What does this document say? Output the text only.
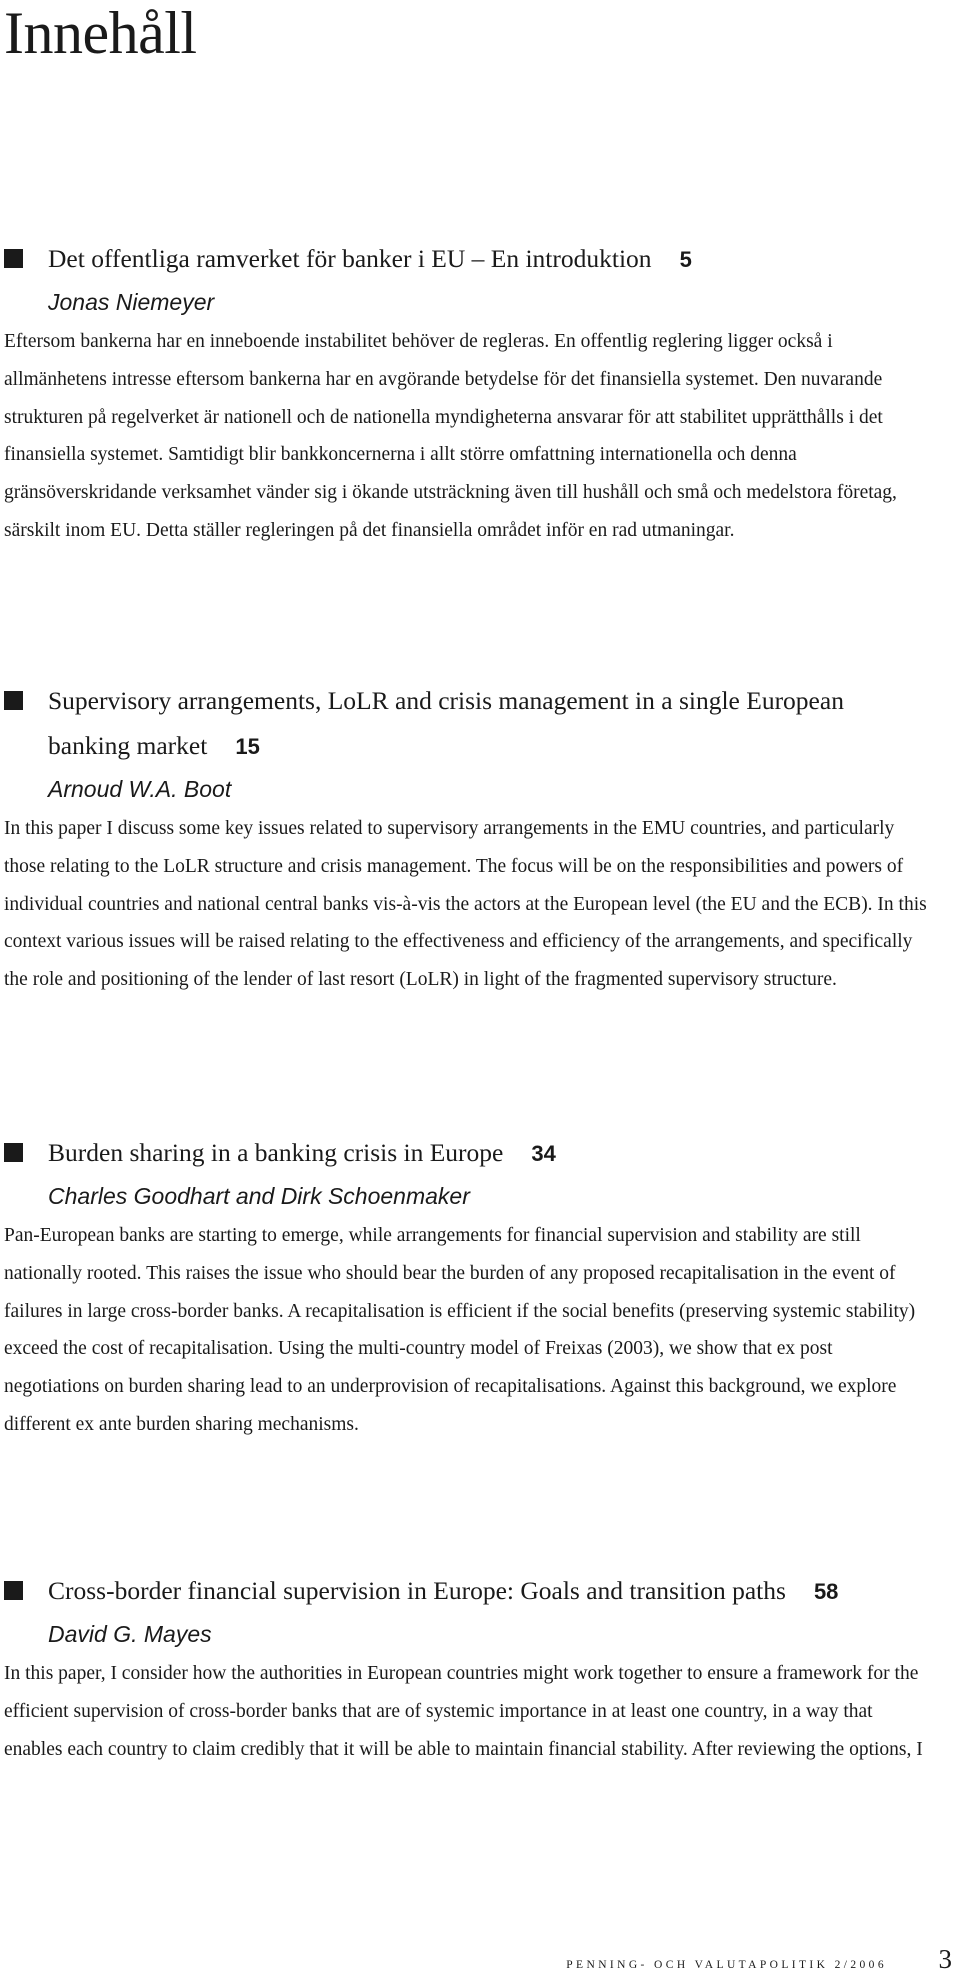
Innehåll
Det offentliga ramverket för banker i EU – En introduktion 5

Jonas Niemeyer

Eftersom bankerna har en inneboende instabilitet behöver de regleras. En offentlig reglering ligger också i allmänhetens intresse eftersom bankerna har en avgörande betydelse för det finansiella systemet. Den nuvarande strukturen på regelverket är nationell och de nationella myndigheterna ansvarar för att stabilitet upprätthålls i det finansiella systemet. Samtidigt blir bankkoncernerna i allt större omfattning internationella och denna gränsöverskridande verksamhet vänder sig i ökande utsträckning även till hushåll och små och medelstora företag, särskilt inom EU. Detta ställer regleringen på det finansiella området inför en rad utmaningar.

Supervisory arrangements, LoLR and crisis management in a single European banking market 15

Arnoud W.A. Boot

In this paper I discuss some key issues related to supervisory arrangements in the EMU countries, and particularly those relating to the LoLR structure and crisis management. The focus will be on the responsibilities and powers of individual countries and national central banks vis-à-vis the actors at the European level (the EU and the ECB). In this context various issues will be raised relating to the effectiveness and efficiency of the arrangements, and specifically the role and positioning of the lender of last resort (LoLR) in light of the fragmented supervisory structure.

Burden sharing in a banking crisis in Europe 34

Charles Goodhart and Dirk Schoenmaker

Pan-European banks are starting to emerge, while arrangements for financial supervision and stability are still nationally rooted. This raises the issue who should bear the burden of any proposed recapitalisation in the event of failures in large cross-border banks. A recapitalisation is efficient if the social benefits (preserving systemic stability) exceed the cost of recapitalisation. Using the multi-country model of Freixas (2003), we show that ex post negotiations on burden sharing lead to an underprovision of recapitalisations. Against this background, we explore different ex ante burden sharing mechanisms.

Cross-border financial supervision in Europe: Goals and transition paths 58

David G. Mayes

In this paper, I consider how the authorities in European countries might work together to ensure a framework for the efficient supervision of cross-border banks that are of systemic importance in at least one country, in a way that enables each country to claim credibly that it will be able to maintain financial stability. After reviewing the options, I

PENNING- OCH VALUTAPOLITIK 2/2006 3
